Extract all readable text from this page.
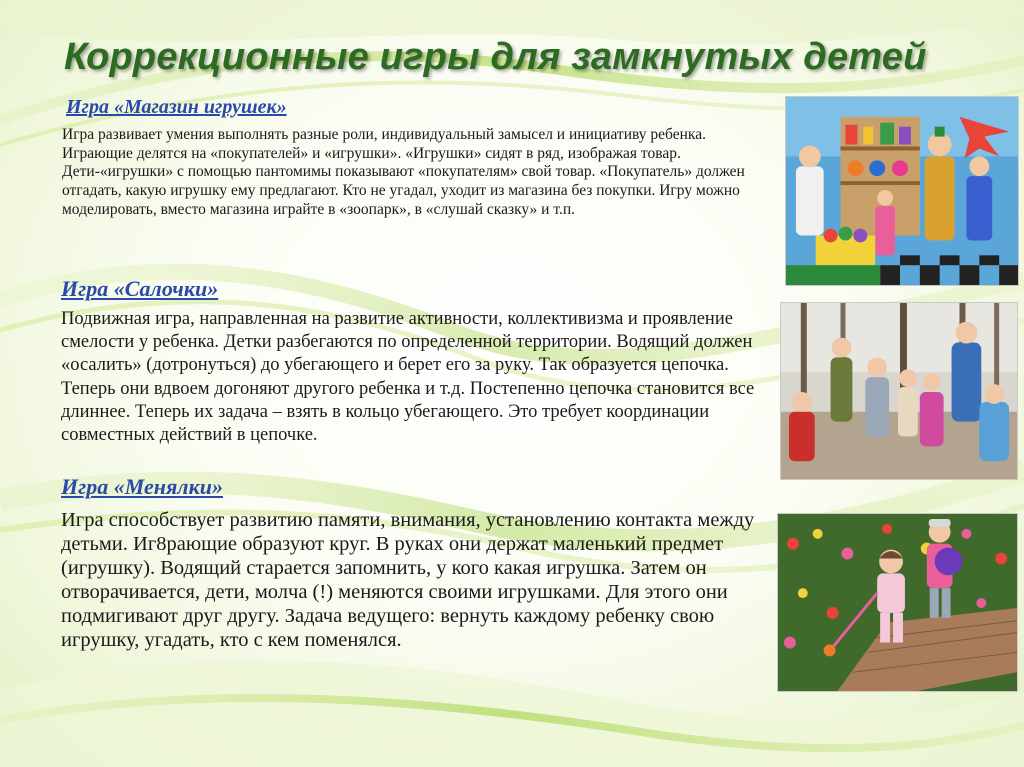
Коррекционные игры для замкнутых детей
Игра «Магазин игрушек»

Игра развивает умения выполнять разные роли, индивидуальный замысел и инициативу ребенка. Играющие делятся на «покупателей» и «игрушки». «Игрушки» сидят в ряд, изображая товар. Дети-«игрушки» с помощью пантомимы показывают «покупателям» свой товар. «Покупатель» должен отгадать, какую игрушку ему предлагают. Кто не угадал, уходит из магазина без покупки. Игру можно моделировать, вместо магазина играйте в «зоопарк», в «слушай сказку» и т.п.

Игра «Салочки»

Подвижная игра, направленная на развитие активности, коллективизма и проявление смелости у ребенка. Детки разбегаются по определенной территории. Водящий должен «осалить» (дотронуться) до убегающего и берет его за руку. Так образуется цепочка. Теперь они вдвоем догоняют другого ребенка и т.д. Постепенно цепочка становится все длиннее. Теперь их задача – взять в кольцо убегающего. Это требует координации совместных действий в цепочке.

Игра «Менялки»

Игра способствует развитию памяти, внимания, установлению контакта между детьми. Иг8рающие образуют круг. В руках они держат маленький предмет (игрушку). Водящий старается запомнить, у кого какая игрушка. Затем он отворачивается, дети, молча (!) меняются своими игрушками. Для этого они подмигивают друг другу. Задача ведущего: вернуть каждому ребенку свою игрушку, угадать, кто с кем поменялся.
